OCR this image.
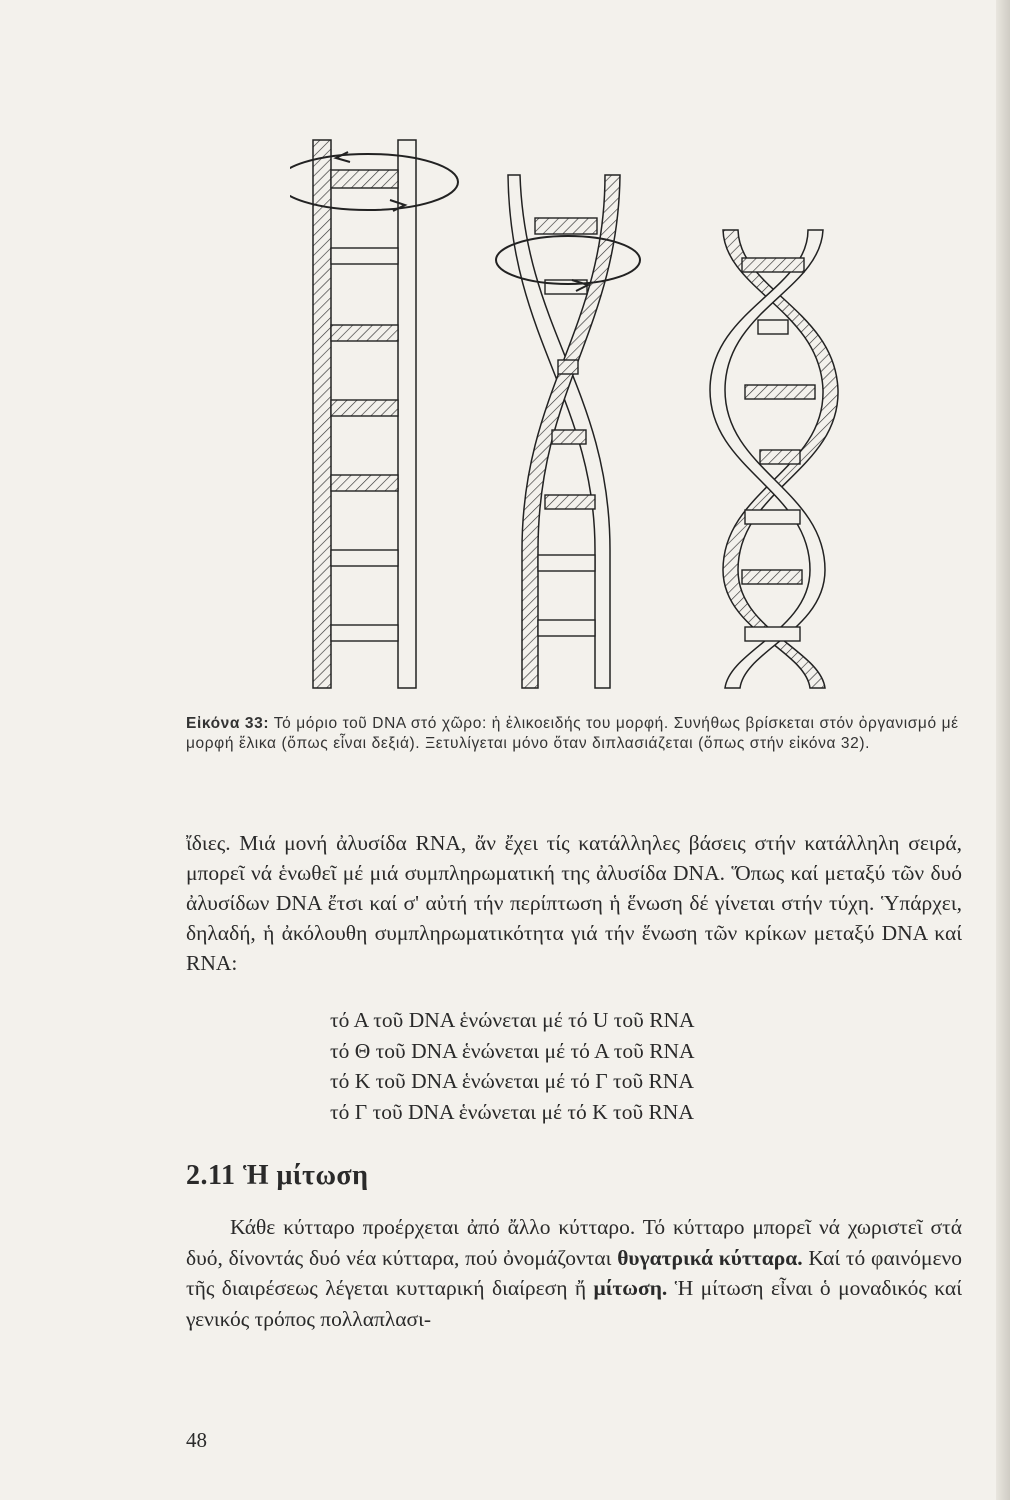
Εἰκόνα 33: Τό μόριο τοῦ DNA στό χῶρο: ἡ ἑλικοειδής του μορφή. Συνήθως βρίσκεται στόν ὀργανισμό μέ μορφή ἕλικα (ὅπως εἶναι δεξιά). Ξετυλίγεται μόνο ὅταν διπλασιάζεται (ὅπως στήν εἰκόνα 32).

ἴδιες. Μιά μονή ἀλυσίδα RNA, ἄν ἔχει τίς κατάλληλες βάσεις στήν κατάλληλη σειρά, μπορεῖ νά ἑνωθεῖ μέ μιά συμπληρωματική της ἀλυσίδα DNA. Ὅπως καί μεταξύ τῶν δυό ἀλυσίδων DNA ἔτσι καί σ' αὐτή τήν περίπτωση ἡ ἕνωση δέ γίνεται στήν τύχη. Ὑπάρχει, δηλαδή, ἡ ἀκόλουθη συμπληρωματικότητα γιά τήν ἕνωση τῶν κρίκων μεταξύ DNA καί RNA:

τό Α τοῦ DNA ἑνώνεται μέ τό U τοῦ RNA
τό Θ τοῦ DNA ἑνώνεται μέ τό Α τοῦ RNA
τό Κ τοῦ DNA ἑνώνεται μέ τό Γ τοῦ RNA
τό Γ τοῦ DNA ἑνώνεται μέ τό Κ τοῦ RNA
2.11 Ἡ μίτωση
Κάθε κύτταρο προέρχεται ἀπό ἄλλο κύτταρο. Τό κύτταρο μπορεῖ νά χωριστεῖ στά δυό, δίνοντάς δυό νέα κύτταρα, πού ὀνομάζονται θυγατρικά κύτταρα. Καί τό φαινόμενο τῆς διαιρέσεως λέγεται κυτταρική διαίρεση ἤ μίτωση. Ἡ μίτωση εἶναι ὁ μοναδικός καί γενικός τρόπος πολλαπλασι-
48
